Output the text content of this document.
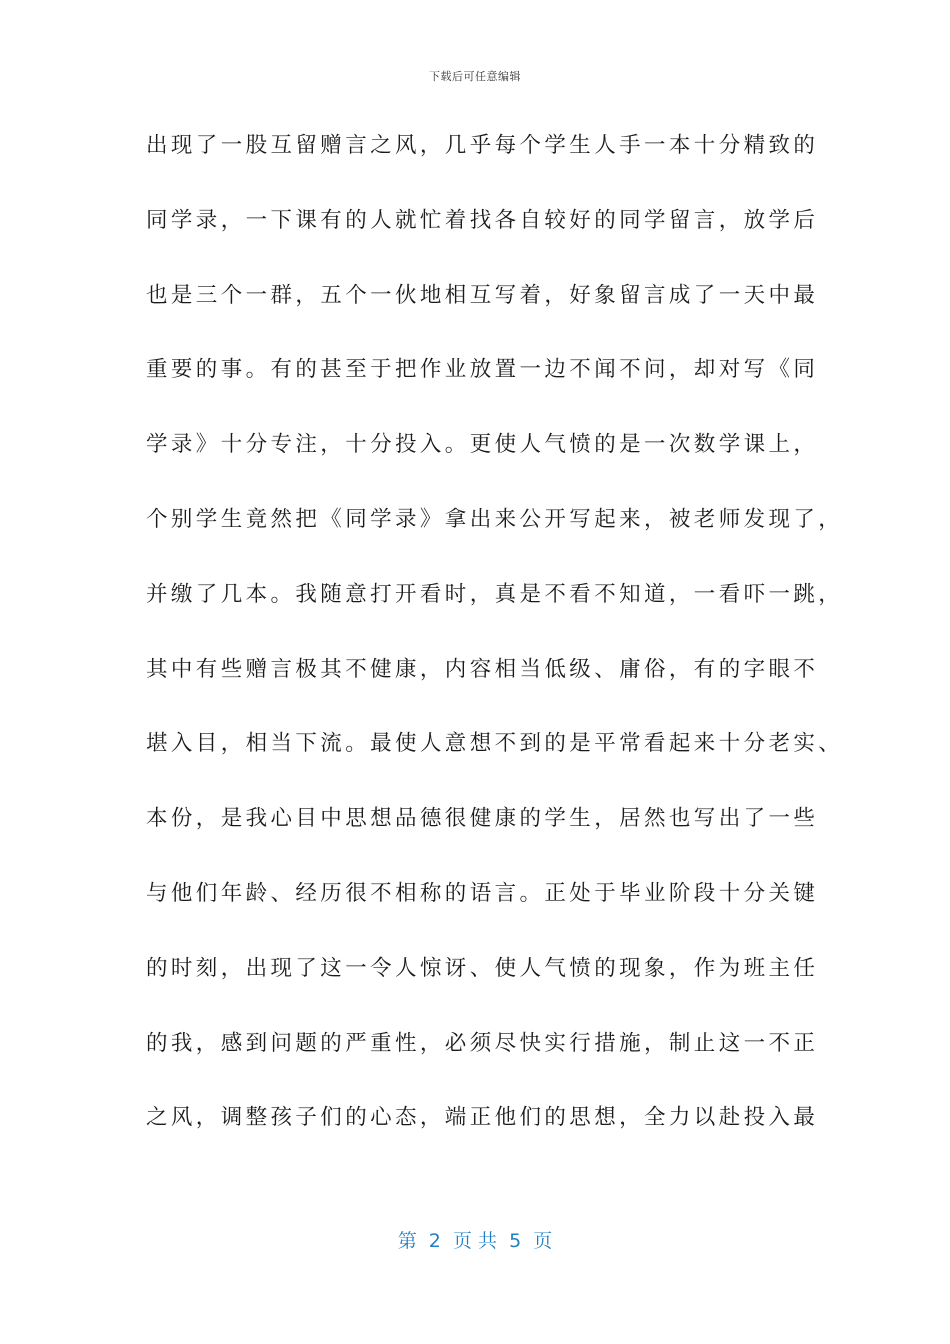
下载后可任意编辑
出现了一股互留赠言之风，几乎每个学生人手一本十分精致的
同学录，一下课有的人就忙着找各自较好的同学留言，放学后
也是三个一群，五个一伙地相互写着，好象留言成了一天中最
重要的事。有的甚至于把作业放置一边不闻不问，却对写《同
学录》十分专注，十分投入。更使人气愤的是一次数学课上，
个别学生竟然把《同学录》拿出来公开写起来，被老师发现了，
并缴了几本。我随意打开看时，真是不看不知道，一看吓一跳，
其中有些赠言极其不健康，内容相当低级、庸俗，有的字眼不
堪入目，相当下流。最使人意想不到的是平常看起来十分老实、
本份，是我心目中思想品德很健康的学生，居然也写出了一些
与他们年龄、经历很不相称的语言。正处于毕业阶段十分关键
的时刻，出现了这一令人惊讶、使人气愤的现象，作为班主任
的我，感到问题的严重性，必须尽快实行措施，制止这一不正
之风，调整孩子们的心态，端正他们的思想，全力以赴投入最
第  2  页 共  5  页
